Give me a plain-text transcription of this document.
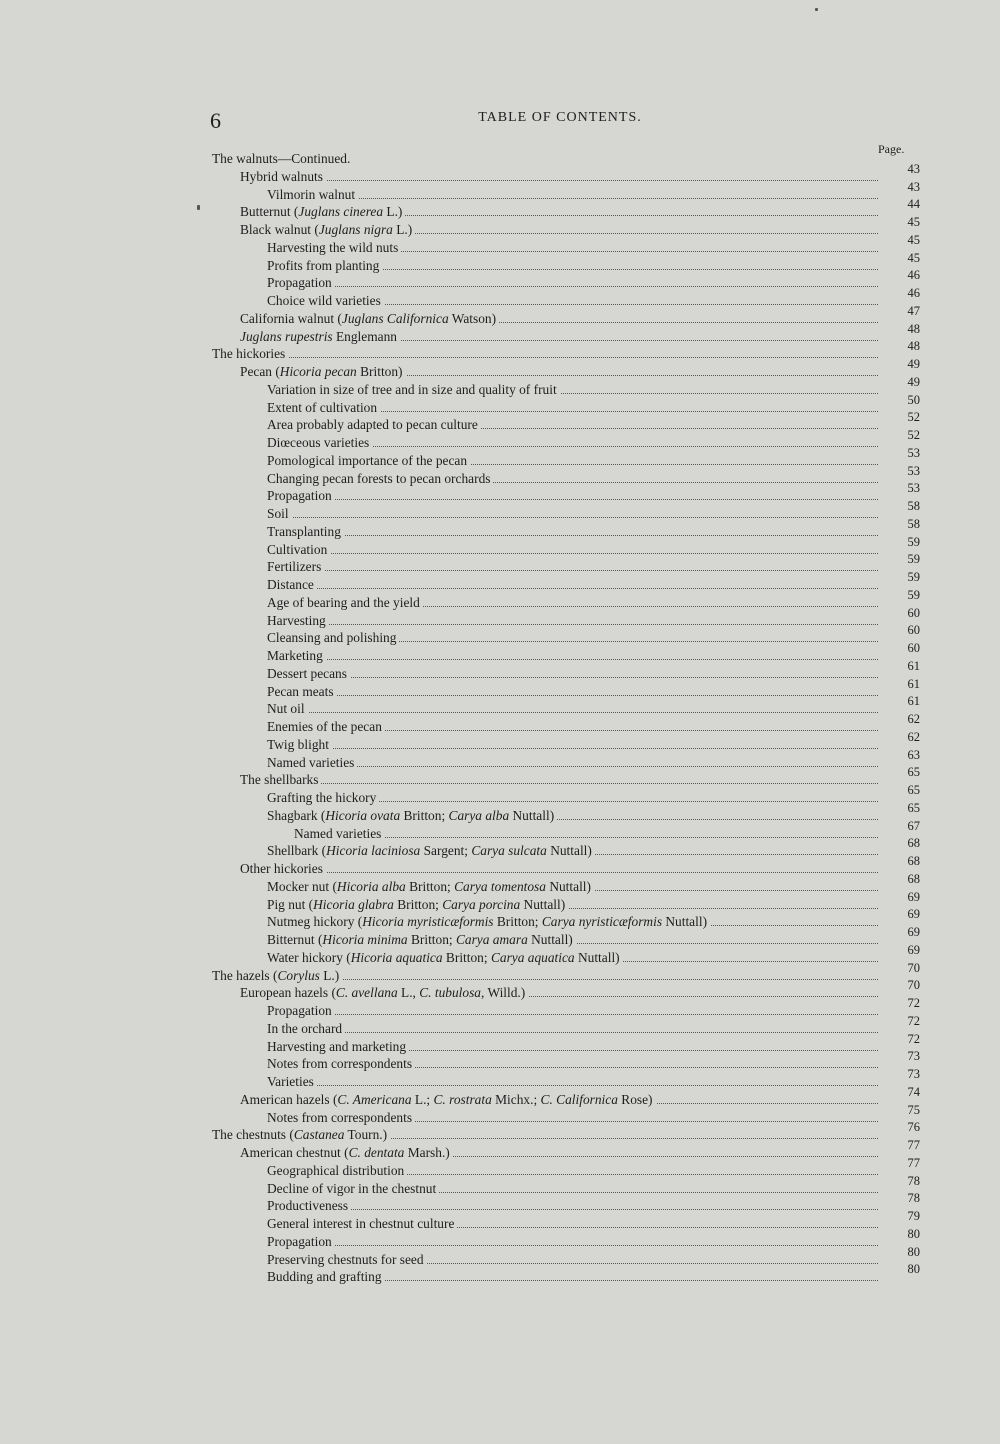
6	TABLE OF CONTENTS.
Page.
The walnuts—Continued.
Hybrid walnuts	43
Vilmorin walnut	43
Butternut (Juglans cinerea L.)	44
Black walnut (Juglans nigra L.)	45
Harvesting the wild nuts	45
Profits from planting	45
Propagation	46
Choice wild varieties	46
California walnut (Juglans Californica Watson)	47
Juglans rupestris Englemann	48
The hickories	48
Pecan (Hicoria pecan Britton)	49
Variation in size of tree and in size and quality of fruit	49
Extent of cultivation	50
Area probably adapted to pecan culture	52
Diœceous varieties	52
Pomological importance of the pecan	53
Changing pecan forests to pecan orchards	53
Propagation	53
Soil	58
Transplanting	58
Cultivation	59
Fertilizers	59
Distance	59
Age of bearing and the yield	59
Harvesting	60
Cleansing and polishing	60
Marketing	60
Dessert pecans	61
Pecan meats	61
Nut oil	61
Enemies of the pecan	62
Twig blight	62
Named varieties	63
The shellbarks	65
Grafting the hickory	65
Shagbark (Hicoria ovata Britton; Carya alba Nuttall)	65
Named varieties	67
Shellbark (Hicoria laciniosa Sargent; Carya sulcata Nuttall)	68
Other hickories	68
Mocker nut (Hicoria alba Britton; Carya tomentosa Nuttall)	68
Pig nut (Hicoria glabra Britton; Carya porcina Nuttall)	69
Nutmeg hickory (Hicoria myristicæformis Britton; Carya nyristicæformis Nuttall)	69
Bitternut (Hicoria minima Britton; Carya amara Nuttall)	69
Water hickory (Hicoria aquatica Britton; Carya aquatica Nuttall)	69
The hazels (Corylus L.)	70
European hazels (C. avellana L., C. tubulosa, Willd.)	70
Propagation	72
In the orchard	72
Harvesting and marketing	72
Notes from correspondents	73
Varieties	73
American hazels (C. Americana L.; C. rostrata Michx.; C. Californica Rose)	74
Notes from correspondents	75
The chestnuts (Castanea Tourn.)	76
American chestnut (C. dentata Marsh.)	77
Geographical distribution	77
Decline of vigor in the chestnut	78
Productiveness	78
General interest in chestnut culture	79
Propagation	80
Preserving chestnuts for seed	80
Budding and grafting	80
